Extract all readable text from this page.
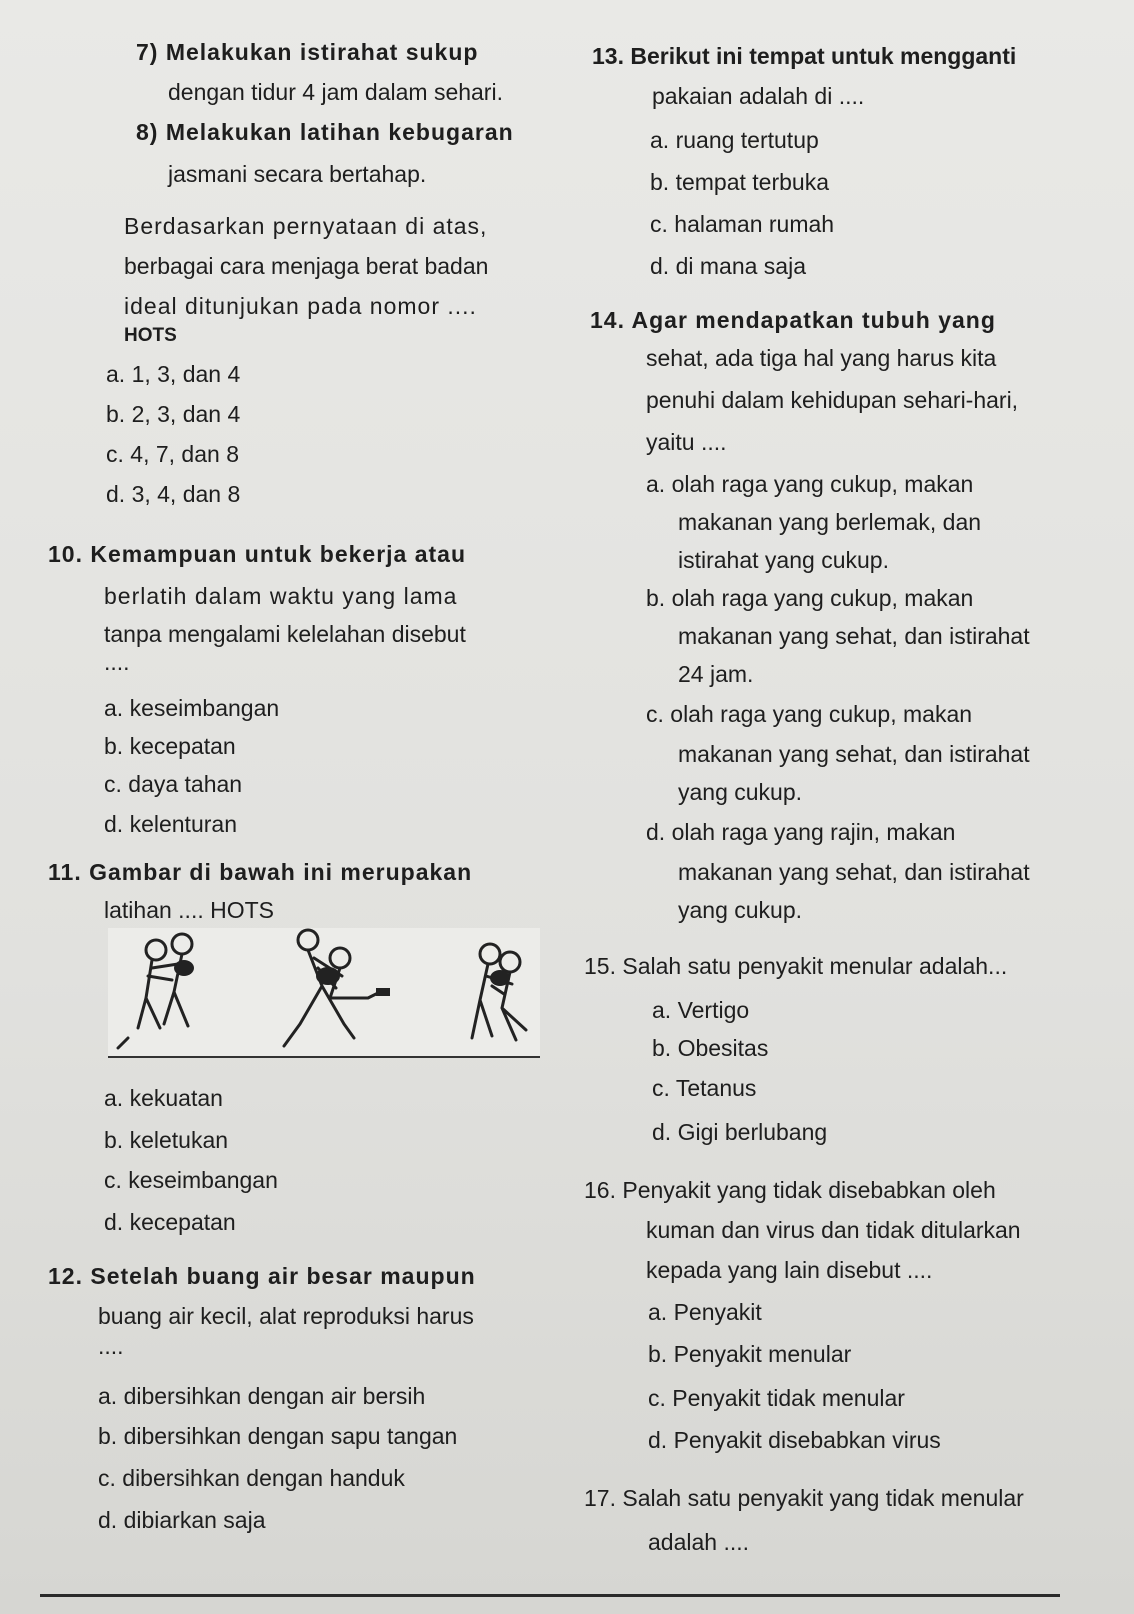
7) Melakukan istirahat sukup
dengan tidur 4 jam dalam sehari.
8) Melakukan latihan kebugaran
jasmani secara bertahap.
Berdasarkan pernyataan di atas,
berbagai cara menjaga berat badan
ideal ditunjukan pada nomor ....
HOTS
a. 1, 3, dan 4
b. 2, 3, dan 4
c. 4, 7, dan 8
d. 3, 4, dan 8
10. Kemampuan untuk bekerja atau
berlatih dalam waktu yang lama
tanpa mengalami kelelahan disebut
....
a. keseimbangan
b. kecepatan
c. daya tahan
d. kelenturan
11. Gambar di bawah ini merupakan
latihan .... HOTS
a. kekuatan
b. keletukan
c. keseimbangan
d. kecepatan
12. Setelah buang air besar maupun
buang air kecil, alat reproduksi harus
....
a. dibersihkan dengan air bersih
b. dibersihkan dengan sapu tangan
c. dibersihkan dengan handuk
d. dibiarkan saja
13. Berikut ini tempat untuk mengganti
pakaian adalah di ....
a. ruang tertutup
b. tempat terbuka
c. halaman rumah
d. di mana saja
14. Agar mendapatkan tubuh yang
sehat, ada tiga hal yang harus kita
penuhi dalam kehidupan sehari-hari,
yaitu ....
a. olah raga yang cukup, makan
makanan yang berlemak, dan
istirahat yang cukup.
b. olah raga yang cukup, makan
makanan yang sehat, dan istirahat
24 jam.
c. olah raga yang cukup, makan
makanan yang sehat, dan istirahat
yang cukup.
d. olah raga yang rajin, makan
makanan yang sehat, dan istirahat
yang cukup.
15. Salah satu penyakit menular adalah...
a. Vertigo
b. Obesitas
c. Tetanus
d. Gigi berlubang
16. Penyakit yang tidak disebabkan oleh
kuman dan virus dan tidak ditularkan
kepada yang lain disebut ....
a. Penyakit
b. Penyakit menular
c. Penyakit tidak menular
d. Penyakit disebabkan virus
17. Salah satu penyakit yang tidak menular
adalah ....
